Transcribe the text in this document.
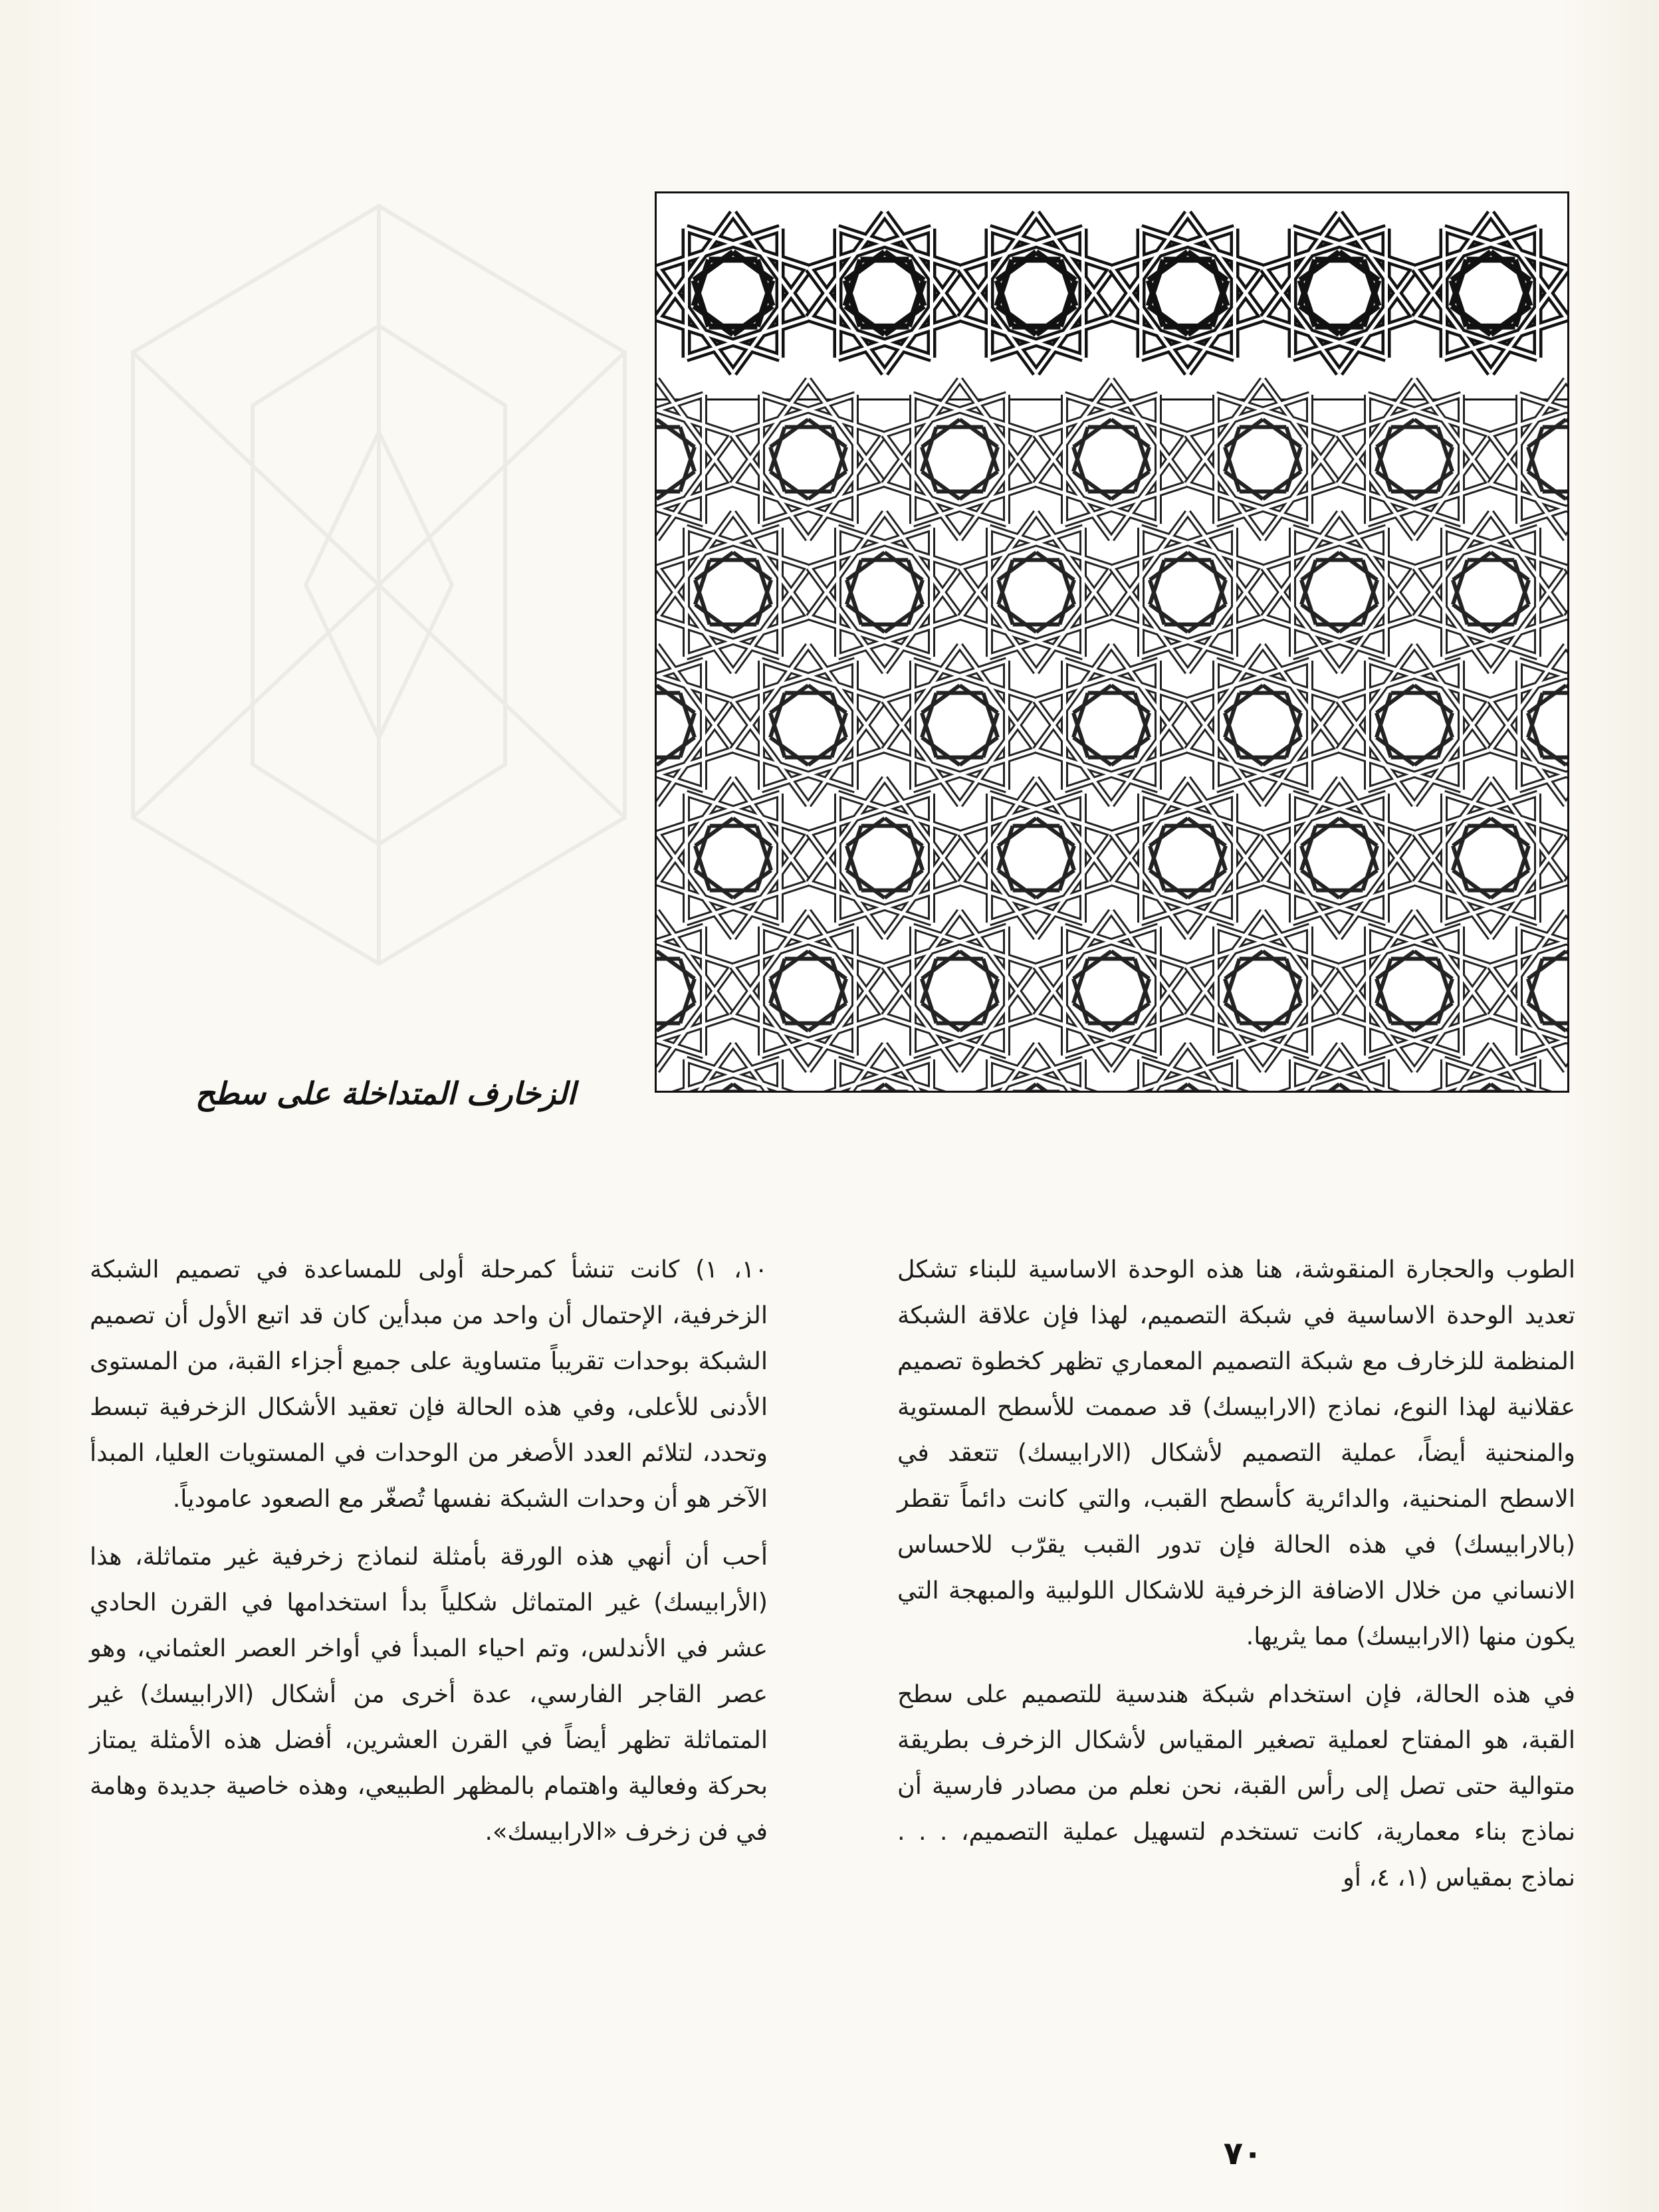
الزخارف المتداخلة على سطح

الطوب والحجارة المنقوشة، هنا هذه الوحدة الاساسية للبناء تشكل تعديد الوحدة الاساسية في شبكة التصميم، لهذا فإن علاقة الشبكة المنظمة للزخارف مع شبكة التصميم المعماري تظهر كخطوة تصميم عقلانية لهذا النوع، نماذج (الارابيسك) قد صممت للأسطح المستوية والمنحنية أيضاً، عملية التصميم لأشكال (الارابيسك) تتعقد في الاسطح المنحنية، والدائرية كأسطح القبب، والتي كانت دائماً تقطر (بالارابيسك) في هذه الحالة فإن تدور القبب يقرّب للاحساس الانساني من خلال الاضافة الزخرفية للاشكال اللولبية والمبهجة التي يكون منها (الارابيسك) مما يثريها.

في هذه الحالة، فإن استخدام شبكة هندسية للتصميم على سطح القبة، هو المفتاح لعملية تصغير المقياس لأشكال الزخرف بطريقة متوالية حتى تصل إلى رأس القبة، نحن نعلم من مصادر فارسية أن نماذج بناء معمارية، كانت تستخدم لتسهيل عملية التصميم، . . . نماذج بمقياس (١، ٤، أو

١٠، ١) كانت تنشأ كمرحلة أولى للمساعدة في تصميم الشبكة الزخرفية، الإحتمال أن واحد من مبدأين كان قد اتبع الأول أن تصميم الشبكة بوحدات تقريباً متساوية على جميع أجزاء القبة، من المستوى الأدنى للأعلى، وفي هذه الحالة فإن تعقيد الأشكال الزخرفية تبسط وتحدد، لتلائم العدد الأصغر من الوحدات في المستويات العليا، المبدأ الآخر هو أن وحدات الشبكة نفسها تُصغّر مع الصعود عامودياً.

أحب أن أنهي هذه الورقة بأمثلة لنماذج زخرفية غير متماثلة، هذا (الأرابيسك) غير المتماثل شكلياً بدأ استخدامها في القرن الحادي عشر في الأندلس، وتم احياء المبدأ في أواخر العصر العثماني، وهو عصر القاجر الفارسي، عدة أخرى من أشكال (الارابيسك) غير المتماثلة تظهر أيضاً في القرن العشرين، أفضل هذه الأمثلة يمتاز بحركة وفعالية واهتمام بالمظهر الطبيعي، وهذه خاصية جديدة وهامة في فن زخرف «الارابيسك».

٧٠
